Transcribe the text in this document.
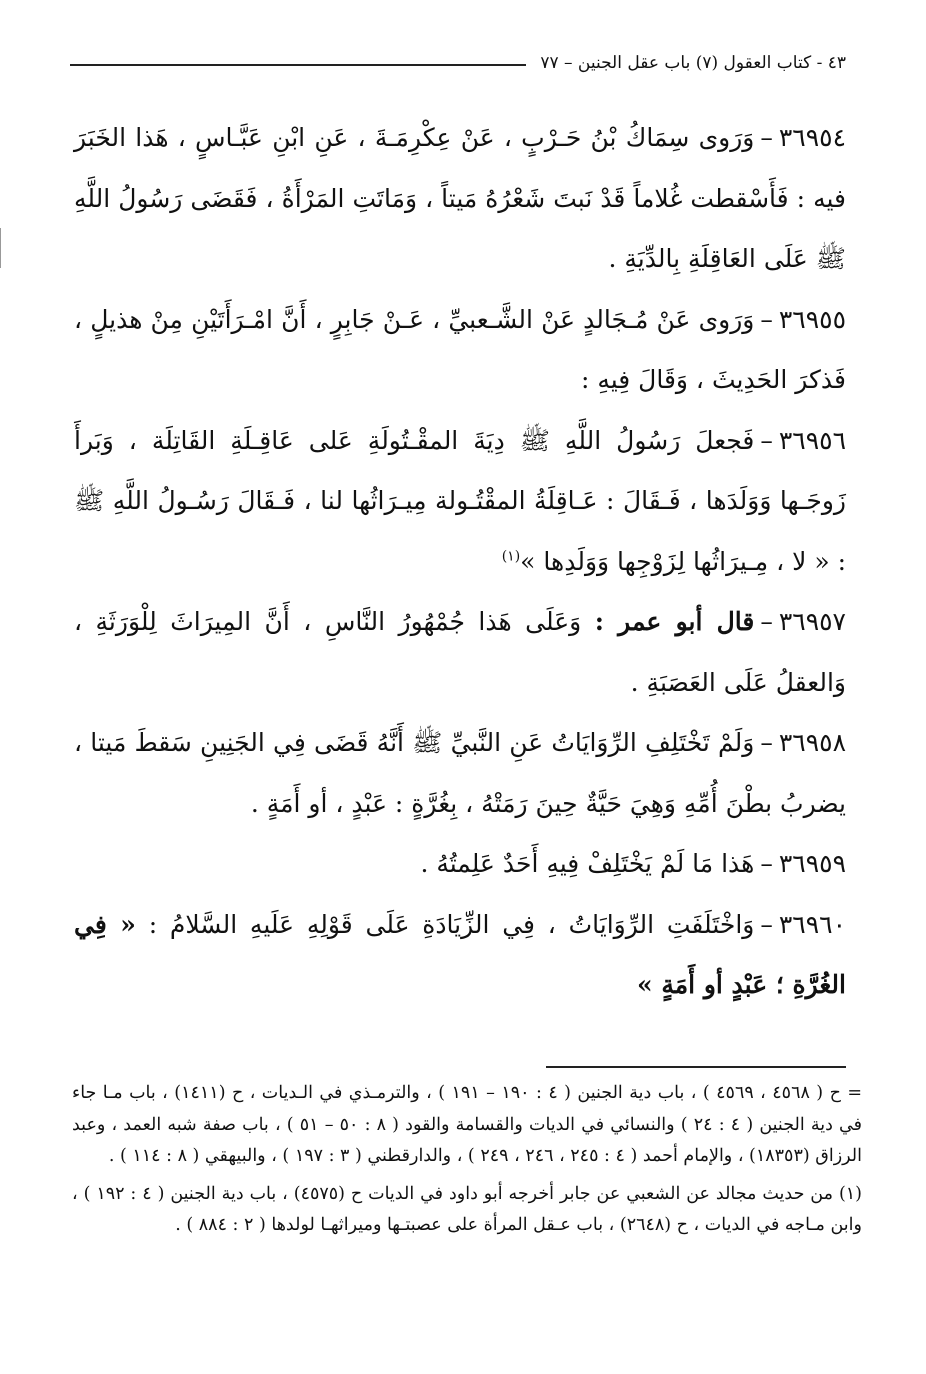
٤٣ - كتاب العقول (٧) باب عقل الجنين – ٧٧

٣٦٩٥٤–وَرَوى سِمَاكُ بْنُ حَـرْبٍ ، عَنْ عِكْرِمَـةَ ، عَنِ ابْنِ عَبَّـاسٍ ، هَذا الخَبَرَ فيه : فَأَسْقطت غُلاماً قَدْ نَبتَ شَعْرُهُ مَيتاً ، وَمَاتَتِ المَرْأَةُ ، فَقَضَى رَسُولُ اللَّهِ ﷺ عَلَى العَاقِلَةِ بِالدِّيَةِ .

٣٦٩٥٥–وَرَوى عَنْ مُـجَالدٍ عَنْ الشَّـعبيِّ ، عَـنْ جَابِرٍ ، أَنَّ امْـرَأَتَيْنِ مِنْ هذيلٍ ، فَذكرَ الحَدِيثَ ، وَقَالَ فِيهِ :

٣٦٩٥٦–فَجعلَ رَسُولُ اللَّهِ ﷺ دِيَةَ المقْـتُولَةِ عَلى عَاقِـلَةِ القَاتِلَة ، وَبَرأَ زَوجَـها وَوَلَدَها ، فَـقَالَ : عَـاقِلَةُ المقْتُـولة مِيـرَاثُها لنا ، فَـقَالَ رَسُـولُ اللَّهِ ﷺ : « لا ، مِـيرَاثُها لِزَوْجِها وَوَلَدِها »$^{(١)}$

٣٦٩٥٧–قال أبو عمر : وَعَلَى هَذا جُمْهُورُ النَّاسِ ، أَنَّ المِيرَاثَ لِلْوَرَثَةِ ، وَالعقلُ عَلَى العَصَبَةِ .

٣٦٩٥٨–وَلَمْ تَخْتَلِفِ الرِّوَايَاتُ عَنِ النَّبيِّ ﷺ أَنَّهُ قَضَى فِي الجَنِينِ سَقطَ مَيتا ، يضربُ بطْنَ أُمِّهِ وَهِيَ حَيَّةٌ حِينَ رَمَتْهُ ، بِغُرَّةٍ : عَبْدٍ ، أو أَمَةٍ .

٣٦٩٥٩–هَذا مَا لَمْ يَخْتَلِفْ فِيهِ أَحَدٌ عَلِمتُهُ .

٣٦٩٦٠–وَاخْتَلَفَتِ الرِّوَايَاتُ ، فِي الزِّيَادَةِ عَلَى قَوْلِهِ عَلَيهِ السَّلامُ : « فِي الغُرَّةِ ؛ عَبْدٍ أو أَمَةٍ »

= ح ( ٤٥٦٨ ، ٤٥٦٩ ) ، باب دية الجنين ( ٤ : ١٩٠ – ١٩١ ) ، والترمـذي في الـديات ، ح (١٤١١) ، باب مـا جاء في دية الجنين ( ٤ : ٢٤ ) والنسائي في الديات والقسامة والقود ( ٨ : ٥٠ – ٥١ ) ، باب صفة شبه العمد ، وعبد الرزاق (١٨٣٥٣) ، والإمام أحمد ( ٤ : ٢٤٥ ، ٢٤٦ ، ٢٤٩ ) ، والدارقطني ( ٣ : ١٩٧ ) ، والبيهقي ( ٨ : ١١٤ ) .

(١) من حديث مجالد عن الشعبي عن جابر أخرجه أبو داود في الديات ح (٤٥٧٥) ، باب دية الجنين ( ٤ : ١٩٢ ) ، وابن مـاجه في الديات ، ح (٢٦٤٨) ، باب عـقل المرأة على عصبتـها وميراثهـا لولدها ( ٢ : ٨٨٤ ) .
